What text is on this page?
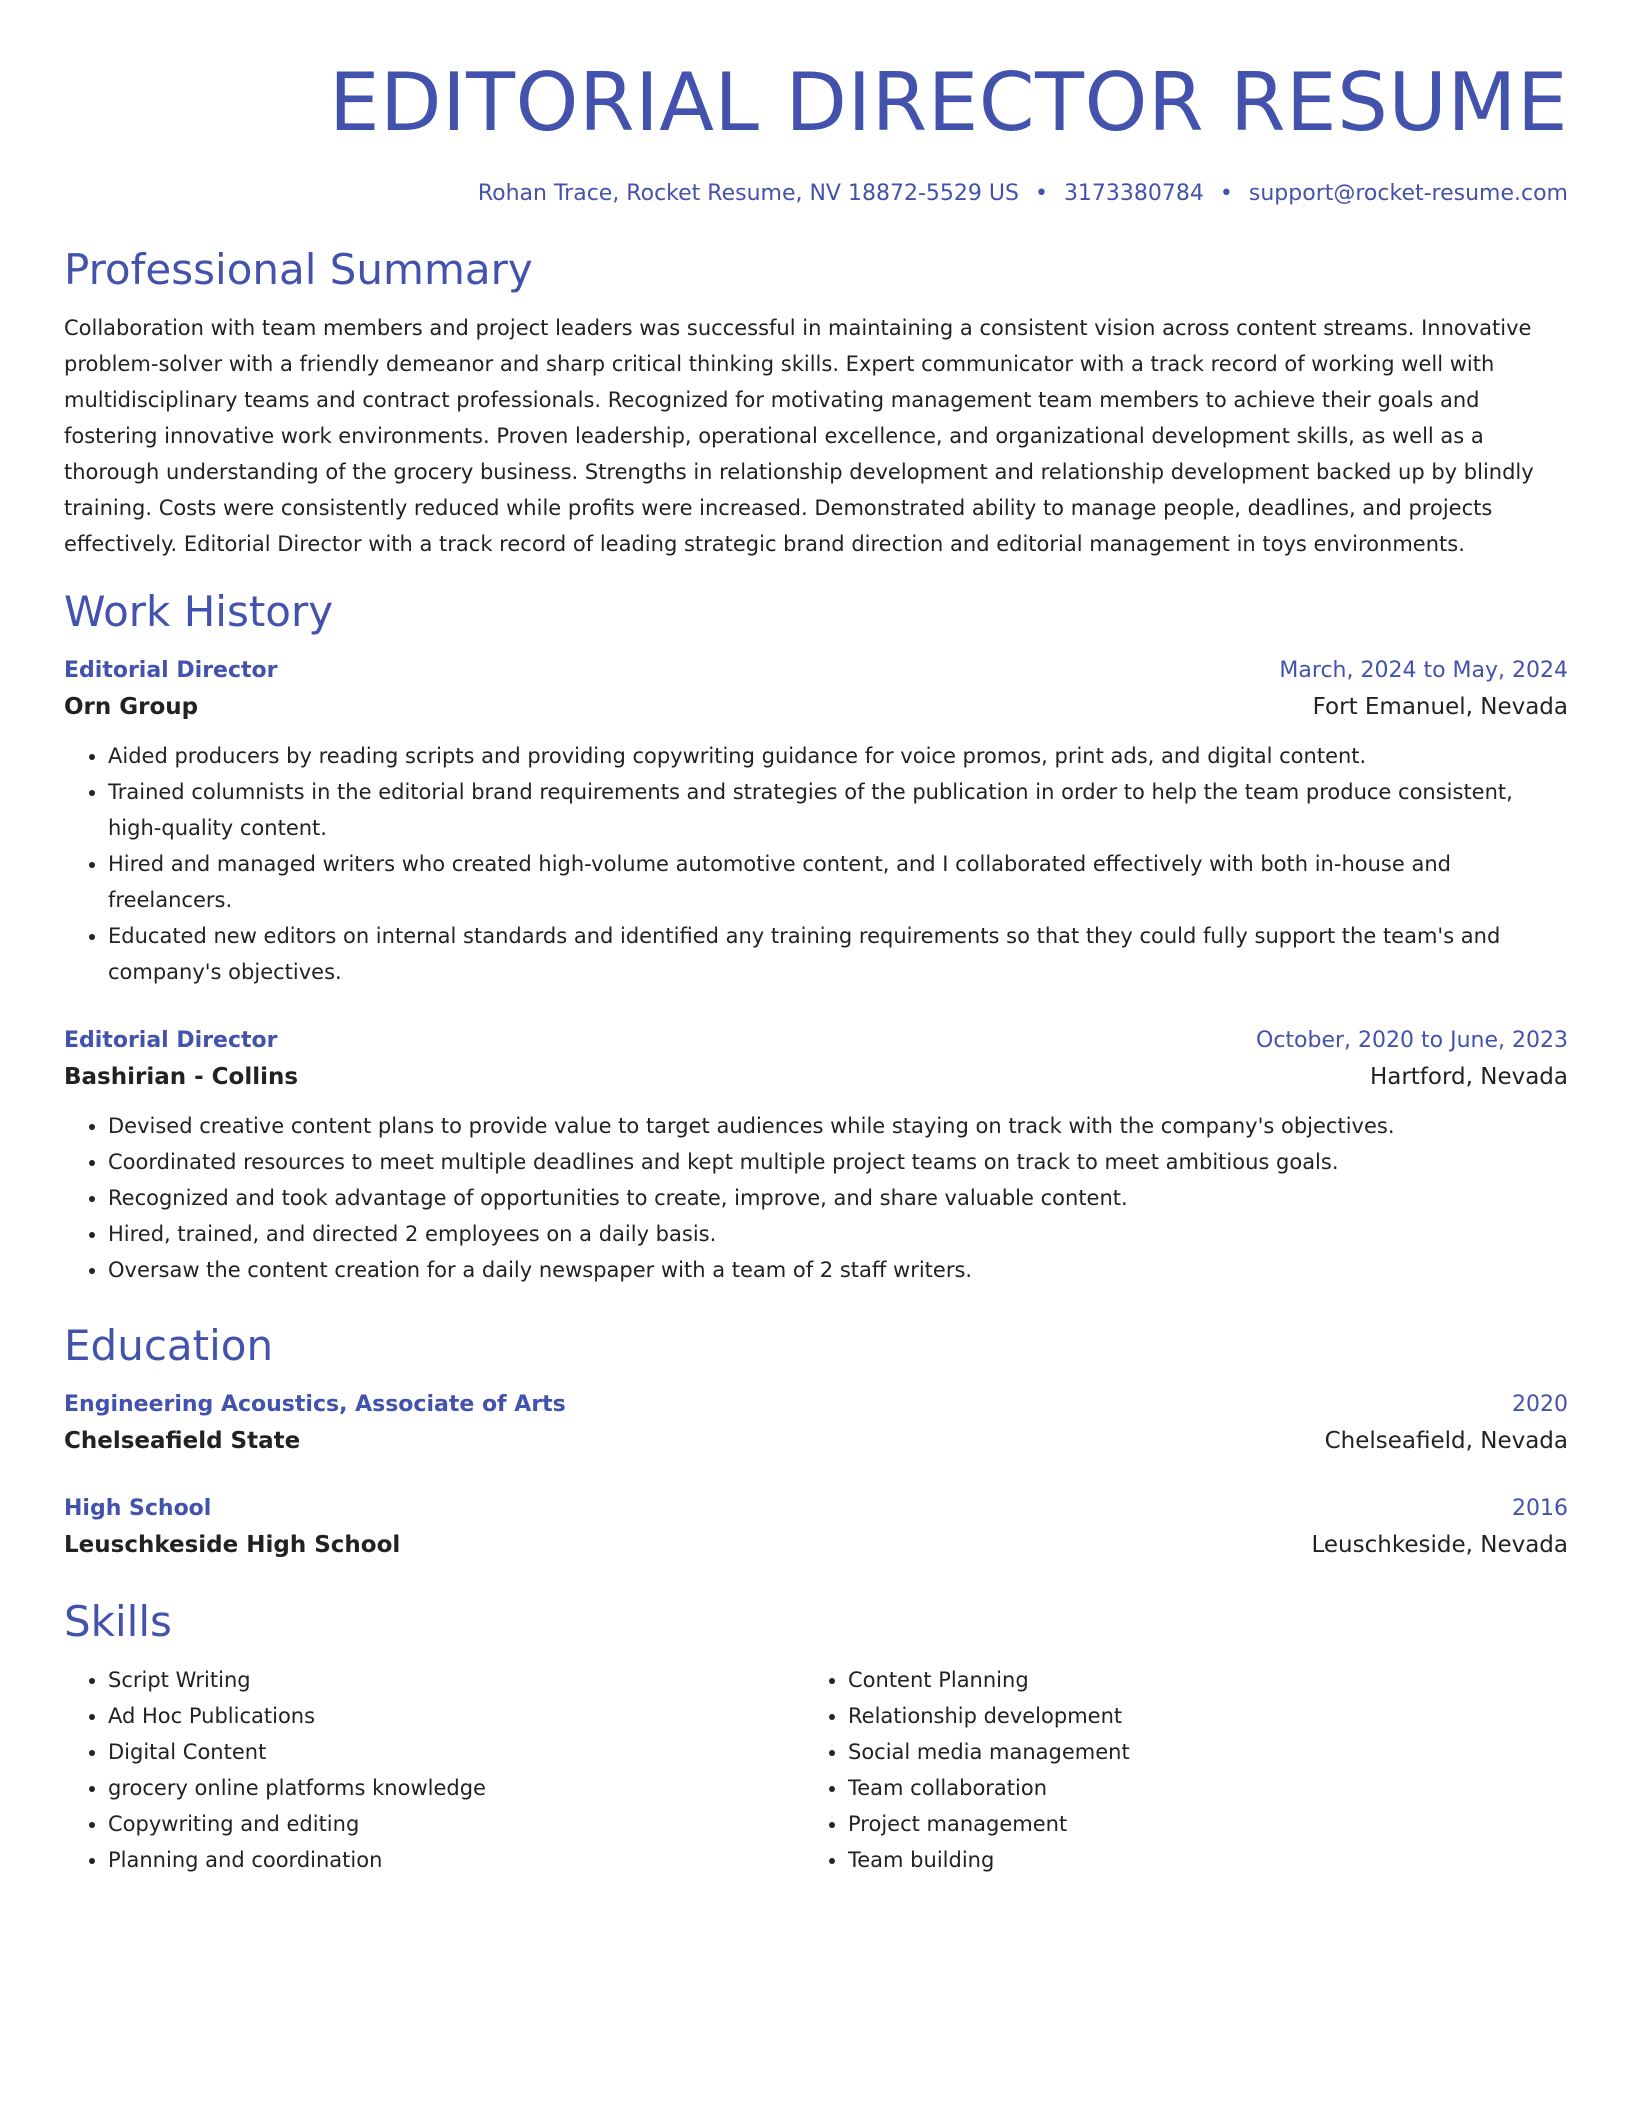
EDITORIAL DIRECTOR RESUME
Rohan Trace, Rocket Resume, NV 18872-5529 US • 3173380784 • support@rocket-resume.com
Professional Summary
Collaboration with team members and project leaders was successful in maintaining a consistent vision across content streams. Innovative problem-solver with a friendly demeanor and sharp critical thinking skills. Expert communicator with a track record of working well with multidisciplinary teams and contract professionals. Recognized for motivating management team members to achieve their goals and fostering innovative work environments. Proven leadership, operational excellence, and organizational development skills, as well as a thorough understanding of the grocery business. Strengths in relationship development and relationship development backed up by blindly training. Costs were consistently reduced while profits were increased. Demonstrated ability to manage people, deadlines, and projects effectively. Editorial Director with a track record of leading strategic brand direction and editorial management in toys environments.
Work History
Editorial Director	March, 2024 to May, 2024
Orn Group	Fort Emanuel, Nevada
• Aided producers by reading scripts and providing copywriting guidance for voice promos, print ads, and digital content.
• Trained columnists in the editorial brand requirements and strategies of the publication in order to help the team produce consistent, high-quality content.
• Hired and managed writers who created high-volume automotive content, and I collaborated effectively with both in-house and freelancers.
• Educated new editors on internal standards and identified any training requirements so that they could fully support the team's and company's objectives.
Editorial Director	October, 2020 to June, 2023
Bashirian - Collins	Hartford, Nevada
• Devised creative content plans to provide value to target audiences while staying on track with the company's objectives.
• Coordinated resources to meet multiple deadlines and kept multiple project teams on track to meet ambitious goals.
• Recognized and took advantage of opportunities to create, improve, and share valuable content.
• Hired, trained, and directed 2 employees on a daily basis.
• Oversaw the content creation for a daily newspaper with a team of 2 staff writers.
Education
Engineering Acoustics, Associate of Arts	2020
Chelseafield State	Chelseafield, Nevada
High School	2016
Leuschkeside High School	Leuschkeside, Nevada
Skills
• Script Writing
• Ad Hoc Publications
• Digital Content
• grocery online platforms knowledge
• Copywriting and editing
• Planning and coordination
• Content Planning
• Relationship development
• Social media management
• Team collaboration
• Project management
• Team building
